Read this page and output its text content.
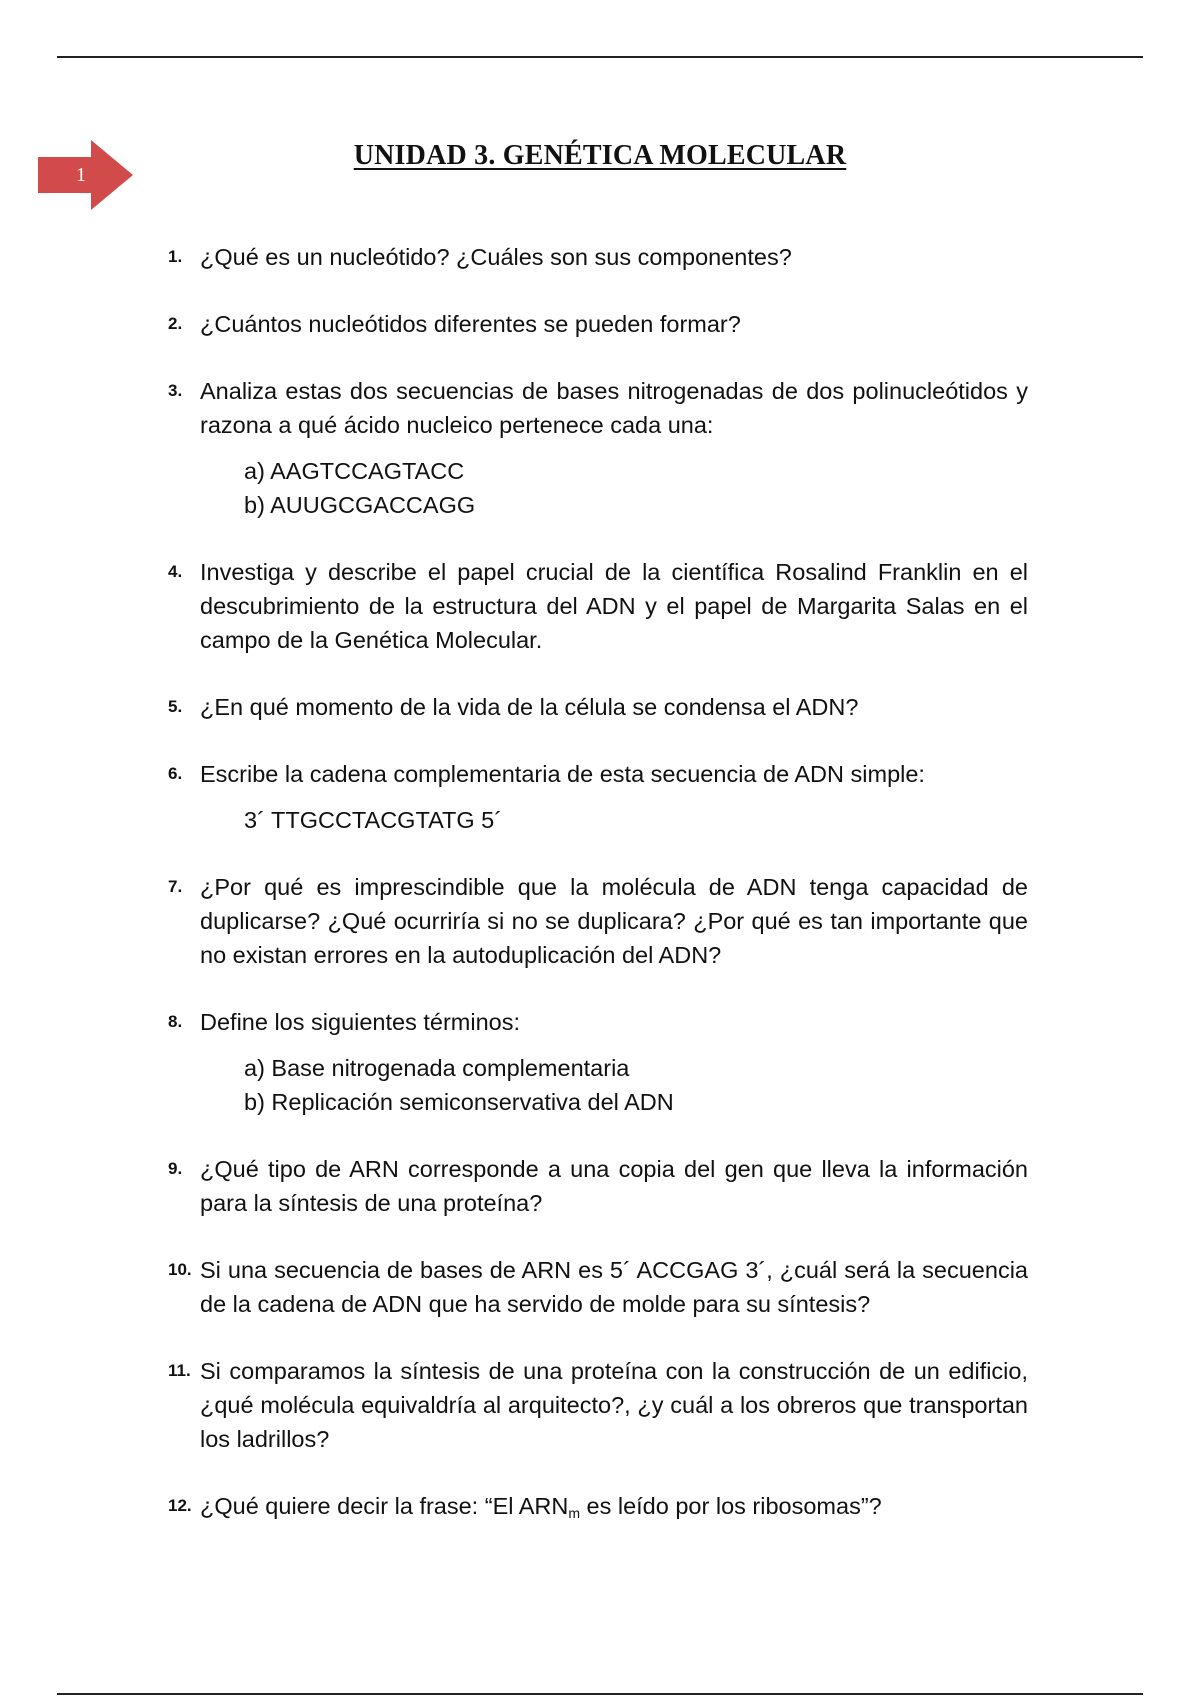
1
UNIDAD 3. GENÉTICA MOLECULAR
1. ¿Qué es un nucleótido? ¿Cuáles son sus componentes?
2. ¿Cuántos nucleótidos diferentes se pueden formar?
3. Analiza estas dos secuencias de bases nitrogenadas de dos polinucleótidos y razona a qué ácido nucleico pertenece cada una:
a) AAGTCCAGTACC
b) AUUGCGACCAGG
4. Investiga y describe el papel crucial de la científica Rosalind Franklin en el descubrimiento de la estructura del ADN y el papel de Margarita Salas en el campo de la Genética Molecular.
5. ¿En qué momento de la vida de la célula se condensa el ADN?
6. Escribe la cadena complementaria de esta secuencia de ADN simple:
3´ TTGCCTACGTATG 5´
7. ¿Por qué es imprescindible que la molécula de ADN tenga capacidad de duplicarse? ¿Qué ocurriría si no se duplicara? ¿Por qué es tan importante que no existan errores en la autoduplicación del ADN?
8. Define los siguientes términos:
a) Base nitrogenada complementaria
b) Replicación semiconservativa del ADN
9. ¿Qué tipo de ARN corresponde a una copia del gen que lleva la información para la síntesis de una proteína?
10. Si una secuencia de bases de ARN es 5´ ACCGAG 3´, ¿cuál será la secuencia de la cadena de ADN que ha servido de molde para su síntesis?
11. Si comparamos la síntesis de una proteína con la construcción de un edificio, ¿qué molécula equivaldría al arquitecto?, ¿y cuál a los obreros que transportan los ladrillos?
12. ¿Qué quiere decir la frase: “El $ARN_m$ es leído por los ribosomas”?
